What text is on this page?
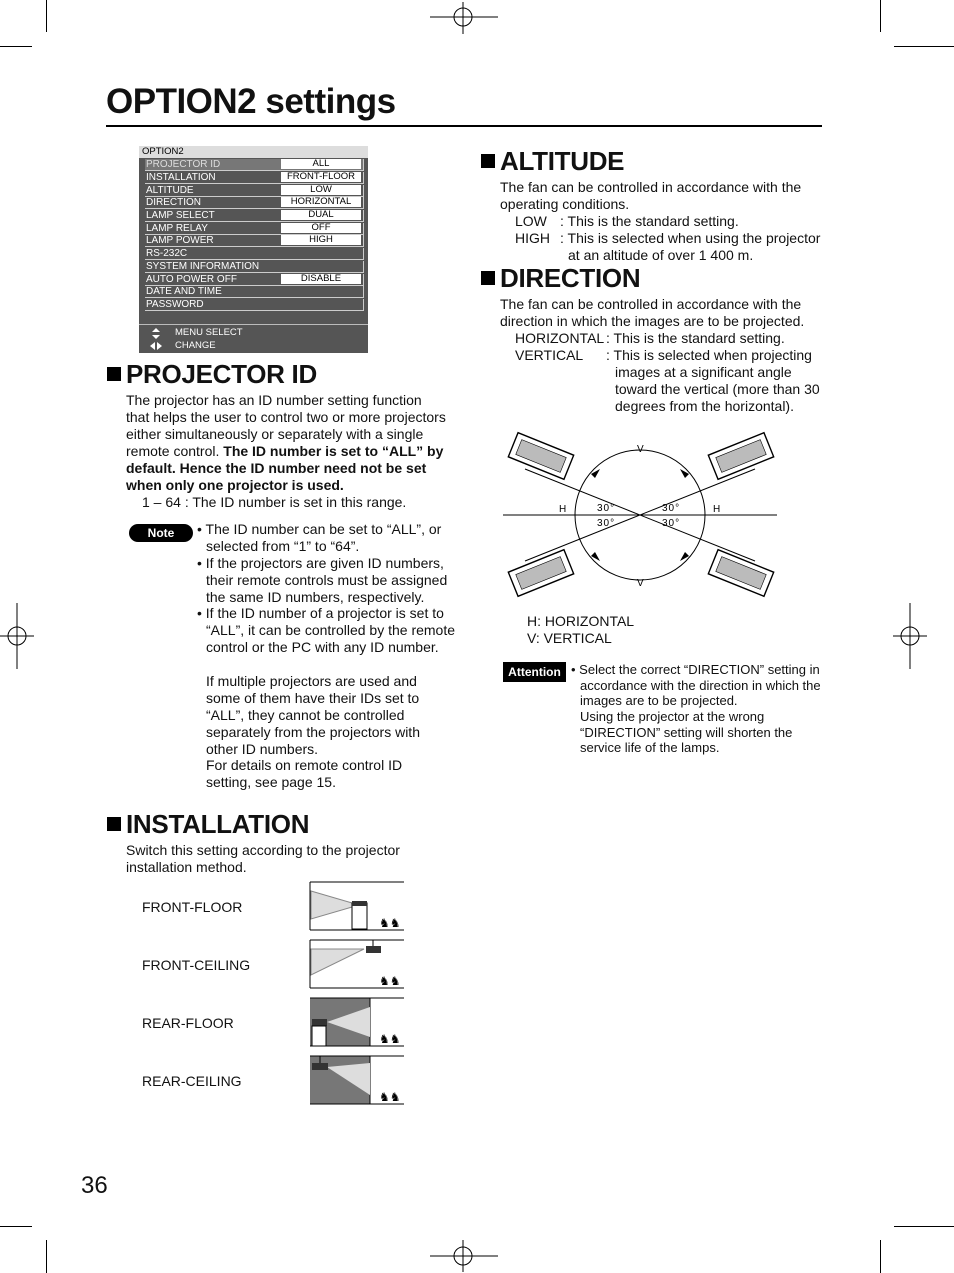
OPTION2 settings
OPTION2
PROJECTOR ID	ALL
INSTALLATION	FRONT-FLOOR
ALTITUDE	LOW
DIRECTION	HORIZONTAL
LAMP SELECT	DUAL
LAMP RELAY	OFF
LAMP POWER	HIGH
RS-232C
SYSTEM INFORMATION
AUTO POWER OFF	DISABLE
DATE AND TIME
PASSWORD
MENU SELECT
CHANGE
PROJECTOR ID
The projector has an ID number setting function that helps the user to control two or more projectors either simultaneously or separately with a single remote control. The ID number is set to “ALL” by default. Hence the ID number need not be set when only one projector is used.
1 – 64 : The ID number is set in this range.
Note	• The ID number can be set to “ALL”, or selected from “1” to “64”.
• If the projectors are given ID numbers, their remote controls must be assigned the same ID numbers, respectively.
• If the ID number of a projector is set to “ALL”, it can be controlled by the remote control or the PC with any ID number.
If multiple projectors are used and some of them have their IDs set to “ALL”, they cannot be controlled separately from the projectors with other ID numbers.
For details on remote control ID setting, see page 15.
INSTALLATION
Switch this setting according to the projector installation method.
FRONT-FLOOR
FRONT-CEILING
REAR-FLOOR
REAR-CEILING
♞♞
♞♞
♞♞
♞♞
ALTITUDE
The fan can be controlled in accordance with the operating conditions.
LOW : This is the standard setting.
HIGH : This is selected when using the projector at an altitude of over 1 400 m.
DIRECTION
The fan can be controlled in accordance with the direction in which the images are to be projected.
HORIZONTAL : This is the standard setting.
VERTICAL : This is selected when projecting images at a significant angle toward the vertical (more than 30 degrees from the horizontal).
V
V
H	H
30°
30°
30°
30°
H: HORIZONTAL
V: VERTICAL
Attention • Select the correct “DIRECTION” setting in accordance with the direction in which the images are to be projected.
Using the projector at the wrong “DIRECTION” setting will shorten the service life of the lamps.
36
